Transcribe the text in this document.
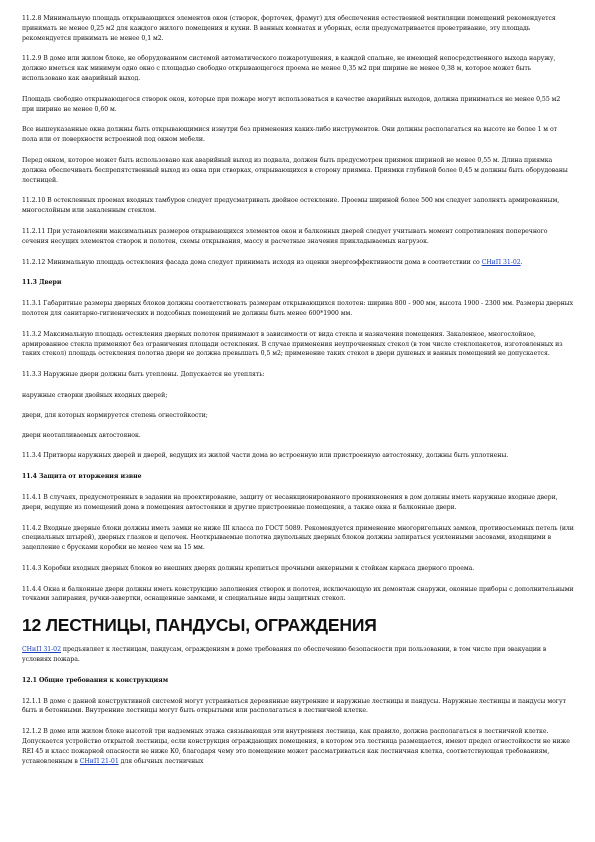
11.2.8 Минимальную площадь открывающихся элементов окон (створок, форточек, фрамуг) для обеспечения естественной вентиляции помещений рекомендуется принимать не менее 0,25 м2 для каждого жилого помещения и кухни. В ванных комнатах и уборных, если предусматривается проветривание, эту площадь рекомендуется принимать не менее 0,1 м2.

11.2.9 В доме или жилом блоке, не оборудованном системой автоматического пожаротушения, в каждой спальне, не имеющей непосредственного выхода наружу, должно иметься как минимум одно окно с площадью свободно открывающегося проема не менее 0,35 м2 при ширине не менее 0,38 м, которое может быть использовано как аварийный выход.

Площадь свободно открывающегося створок окон, которые при пожаре могут использоваться в качестве аварийных выходов, должна приниматься не менее 0,55 м2 при ширине не менее 0,60 м.

Все вышеуказанные окна должны быть открывающимися изнутри без применения каких-либо инструментов. Они должны располагаться на высоте не более 1 м от пола или от поверхности встроенной под окном мебели.

Перед окном, которое может быть использовано как аварийный выход из подвала, должен быть предусмотрен приямок шириной не менее 0,55 м. Длина приямка должна обеспечивать беспрепятственный выход из окна при створках, открывающихся в сторону приямка. Приямки глубиной более 0,45 м должны быть оборудованы лестницей.

11.2.10 В остекленных проемах входных тамбуров следует предусматривать двойное остекление. Проемы шириной более 500 мм следует заполнять армированным, многослойным или закаленным стеклом.

11.2.11 При установлении максимальных размеров открывающихся элементов окон и балконных дверей следует учитывать момент сопротивления поперечного сечения несущих элементов створок и полотен, схемы открывания, массу и расчетные значения прикладываемых нагрузок.

11.2.12 Минимальную площадь остекления фасада дома следует принимать исходя из оценки энергоэффективности дома в соответствии со СНиП 31-02.

11.3 Двери

11.3.1 Габаритные размеры дверных блоков должны соответствовать размерам открывающихся полотен: ширина 800 - 900 мм, высота 1900 - 2300 мм. Размеры дверных полотен для санитарно-гигиенических и подсобных помещений не должны быть менее 600*1900 мм.

11.3.2 Максимальную площадь остекления дверных полотен принимают в зависимости от вида стекла и назначения помещения. Закаленное, многослойное, армированное стекла применяют без ограничения площади остекления. В случае применения неупрочненных стекол (в том числе стеклопакетов, изготовленных из таких стекол) площадь остекления полотна двери не должна превышать 0,5 м2; применение таких стекол в двери душевых и ванных помещений не допускается.

11.3.3 Наружные двери должны быть утеплены. Допускается не утеплять:

наружные створки двойных входных дверей;

двери, для которых нормируется степень огнестойкости;

двери неотапливаемых автостоянок.

11.3.4 Притворы наружных дверей и дверей, ведущих из жилой части дома во встроенную или пристроенную автостоянку, должны быть уплотнены.

11.4 Защита от вторжения извне

11.4.1 В случаях, предусмотренных в задании на проектирование, защиту от несанкционированного проникновения в дом должны иметь наружные входные двери, двери, ведущие из помещений дома в помещения автостоянки и другие пристроенные помещения, а также окна и балконные двери.

11.4.2 Входные дверные блоки должны иметь замки не ниже III класса по ГОСТ 5089. Рекомендуется применение многоригельных замков, противосъемных петель (или специальных штырей), дверных глазков и цепочек. Неоткрываемые полотна двупольных дверных блоков должны запираться усиленными засовами, входящими в зацепление с брусками коробки не менее чем на 15 мм.

11.4.3 Коробки входных дверных блоков во внешних дверях должны крепиться прочными анкерными к стойкам каркаса дверного проема.

11.4.4 Окна и балконные двери должны иметь конструкцию заполнения створок и полотен, исключающую их демонтаж снаружи, оконные приборы с дополнительными точками запирания, ручки-завертки, оснащенные замками, и специальные виды защитных стекол.

12 ЛЕСТНИЦЫ, ПАНДУСЫ, ОГРАЖДЕНИЯ

СНиП 31-02 предъявляет к лестницам, пандусам, ограждениям в доме требования по обеспечению безопасности при пользовании, в том числе при эвакуации в условиях пожара.

12.1 Общие требования к конструкциям

12.1.1 В доме с данной конструктивной системой могут устраиваться деревянные внутренние и наружные лестницы и пандусы. Наружные лестницы и пандусы могут быть и бетонными. Внутренние лестницы могут быть открытыми или располагаться в лестничной клетке.

12.1.2 В доме или жилом блоке высотой три надземных этажа связывающая эти внутренняя лестница, как правило, должна располагаться в лестничной клетке. Допускается устройство открытой лестницы, если конструкция ограждающих помещения, в котором эта лестница размещается, имеют предел огнестойкости не ниже REI 45 и класс пожарной опасности не ниже К0, благодаря чему это помещение может рассматриваться как лестничная клетка, соответствующая требованиям, установленным в СНиП 21-01 для обычных лестничных
